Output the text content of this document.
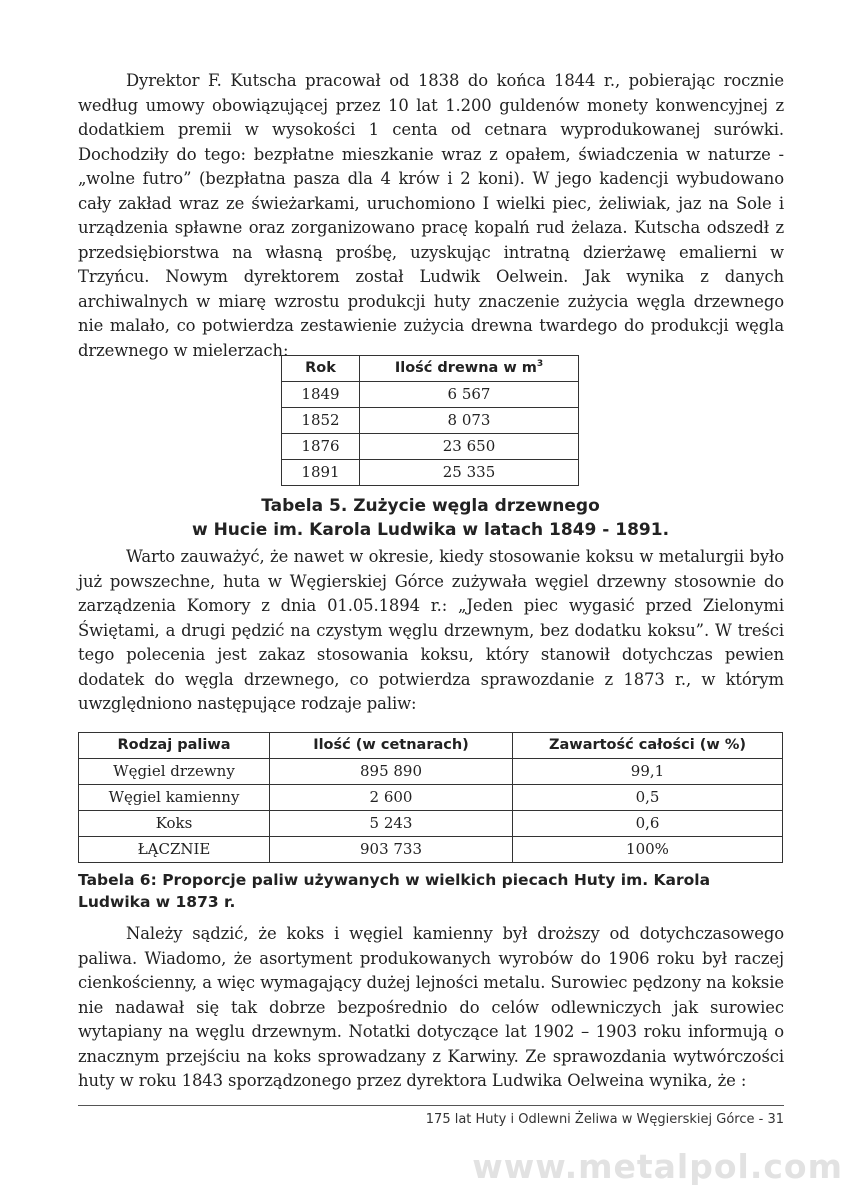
Dyrektor F. Kutscha pracował od 1838 do końca 1844 r., pobierając rocznie według umowy obowiązującej przez 10 lat 1.200 guldenów monety konwencyjnej z dodatkiem premii w wysokości 1 centa od cetnara wyprodukowanej surówki. Dochodziły do tego: bezpłatne mieszkanie wraz z opałem, świadczenia w naturze - „wolne futro” (bezpłatna pasza dla 4 krów i 2 koni). W jego kadencji wybudowano cały zakład wraz ze świeżarkami, uruchomiono I wielki piec, żeliwiak, jaz na Sole i urządzenia spławne oraz zorganizowano pracę kopalń rud żelaza. Kutscha odszedł z przedsiębiorstwa na własną prośbę, uzyskując intratną dzierżawę emalierni w Trzyńcu. Nowym dyrektorem został Ludwik Oelwein. Jak wynika z danych archiwalnych w miarę wzrostu produkcji huty znaczenie zużycia węgla drzewnego nie malało, co potwierdza zestawienie zużycia drewna twardego do produkcji węgla drzewnego w mielerzach:

Rok	Ilość drewna w $m^3$
1849	6 567
1852	8 073
1876	23 650
1891	25 335
Tabela 5. Zużycie węgla drzewnego
w Hucie im. Karola Ludwika w latach 1849 - 1891.

Warto zauważyć, że nawet w okresie, kiedy stosowanie koksu w metalurgii było już powszechne, huta w Węgierskiej Górce zużywała węgiel drzewny stosownie do zarządzenia Komory z dnia 01.05.1894 r.: „Jeden piec wygasić przed Zielonymi Świętami, a drugi pędzić na czystym węglu drzewnym, bez dodatku koksu”. W treści tego polecenia jest zakaz stosowania koksu, który stanowił dotychczas pewien dodatek do węgla drzewnego, co potwierdza sprawozdanie z 1873 r., w którym uwzględniono następujące rodzaje paliw:

Rodzaj paliwa	Ilość (w cetnarach)	Zawartość całości (w %)
Węgiel drzewny	895 890	99,1
Węgiel kamienny	2 600	0,5
Koks	5 243	0,6
ŁĄCZNIE	903 733	100%
Tabela 6: Proporcje paliw używanych w wielkich piecach Huty im. Karola Ludwika w 1873 r.

Należy sądzić, że koks i węgiel kamienny był droższy od dotychczasowego paliwa. Wiadomo, że asortyment produkowanych wyrobów do 1906 roku był raczej cienkościenny, a więc wymagający dużej lejności metalu. Surowiec pędzony na koksie nie nadawał się tak dobrze bezpośrednio do celów odlewniczych jak surowiec wytapiany na węglu drzewnym. Notatki dotyczące lat 1902 – 1903 roku informują o znacznym przejściu na koks sprowadzany z Karwiny. Ze sprawozdania wytwórczości huty w roku 1843 sporządzonego przez dyrektora Ludwika Oelweina wynika, że :

175 lat Huty i Odlewni Żeliwa w Węgierskiej Górce - 31
www.metalpol.com
